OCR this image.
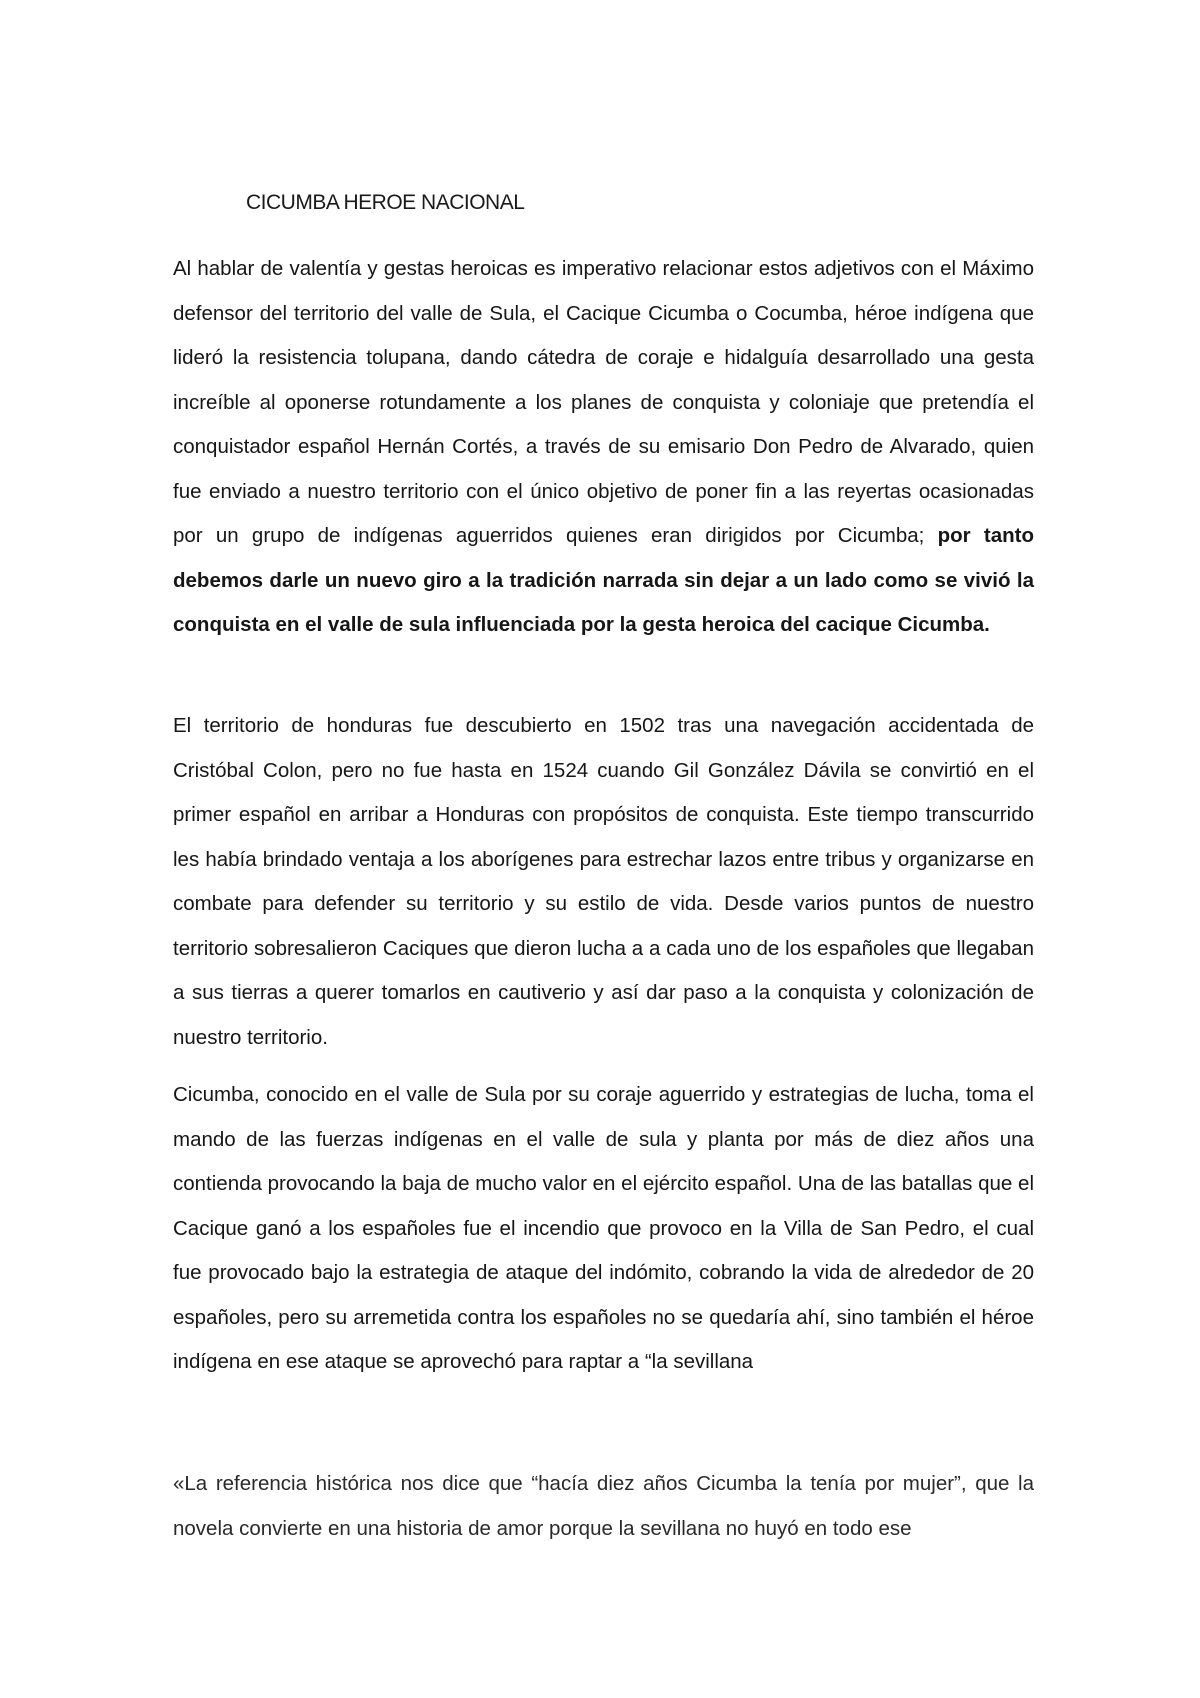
CICUMBA HEROE NACIONAL

Al hablar de valentía y gestas heroicas es imperativo relacionar estos adjetivos con el Máximo defensor del territorio del valle de Sula, el Cacique Cicumba o Cocumba, héroe indígena que lideró la resistencia tolupana, dando cátedra de coraje e hidalguía desarrollado una gesta increíble al oponerse rotundamente a los planes de conquista y coloniaje que pretendía el conquistador español Hernán Cortés, a través de su emisario Don Pedro de Alvarado, quien fue enviado a nuestro territorio con el único objetivo de poner fin a las reyertas ocasionadas por un grupo de indígenas aguerridos quienes eran dirigidos por Cicumba; por tanto debemos darle un nuevo giro a la tradición narrada sin dejar a un lado como se vivió la conquista en el valle de sula influenciada por la gesta heroica del cacique Cicumba.

El territorio de honduras fue descubierto en 1502 tras una navegación accidentada de Cristóbal Colon, pero no fue hasta en 1524 cuando Gil González Dávila se convirtió en el primer español en arribar a Honduras con propósitos de conquista. Este tiempo transcurrido les había brindado ventaja a los aborígenes para estrechar lazos entre tribus y organizarse en combate para defender su territorio y su estilo de vida. Desde varios puntos de nuestro territorio sobresalieron Caciques que dieron lucha a a cada uno de los españoles que llegaban a sus tierras a querer tomarlos en cautiverio y así dar paso a la conquista y colonización de nuestro territorio.

Cicumba, conocido en el valle de Sula por su coraje aguerrido y estrategias de lucha, toma el mando de las fuerzas indígenas en el valle de sula y planta por más de diez años una contienda provocando la baja de mucho valor en el ejército español. Una de las batallas que el Cacique ganó a los españoles fue el incendio que provoco en la Villa de San Pedro, el cual fue provocado bajo la estrategia de ataque del indómito, cobrando la vida de alrededor de 20 españoles, pero su arremetida contra los españoles no se quedaría ahí, sino también el héroe indígena en ese ataque se aprovechó para raptar a “la sevillana

«La referencia histórica nos dice que “hacía diez años Cicumba la tenía por mujer”, que la novela convierte en una historia de amor porque la sevillana no huyó en todo ese
